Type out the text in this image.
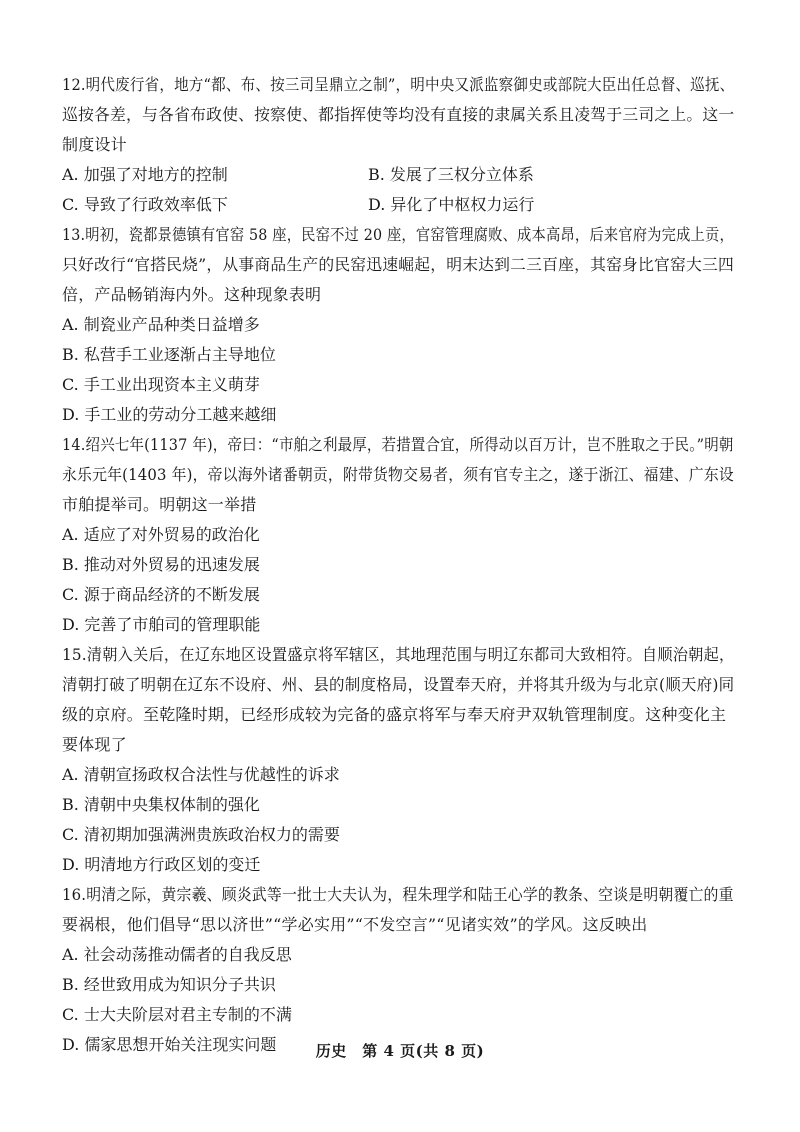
12.明代废行省，地方“都、布、按三司呈鼎立之制”，明中央又派监察御史或部院大臣出任总督、巡抚、
巡按各差，与各省布政使、按察使、都指挥使等均没有直接的隶属关系且凌驾于三司之上。这一
制度设计
A. 加强了对地方的控制	B. 发展了三权分立体系
C. 导致了行政效率低下	D. 异化了中枢权力运行
13.明初，瓷都景德镇有官窑 58 座，民窑不过 20 座，官窑管理腐败、成本高昂，后来官府为完成上贡，
只好改行“官搭民烧”，从事商品生产的民窑迅速崛起，明末达到二三百座，其窑身比官窑大三四
倍，产品畅销海内外。这种现象表明
A. 制瓷业产品种类日益增多
B. 私营手工业逐渐占主导地位
C. 手工业出现资本主义萌芽
D. 手工业的劳动分工越来越细
14.绍兴七年(1137 年)，帝曰：“市舶之利最厚，若措置合宜，所得动以百万计，岂不胜取之于民。”明朝
永乐元年(1403 年)，帝以海外诸番朝贡，附带货物交易者，须有官专主之，遂于浙江、福建、广东设
市舶提举司。明朝这一举措
A. 适应了对外贸易的政治化
B. 推动对外贸易的迅速发展
C. 源于商品经济的不断发展
D. 完善了市舶司的管理职能
15.清朝入关后，在辽东地区设置盛京将军辖区，其地理范围与明辽东都司大致相符。自顺治朝起，
清朝打破了明朝在辽东不设府、州、县的制度格局，设置奉天府，并将其升级为与北京(顺天府)同
级的京府。至乾隆时期，已经形成较为完备的盛京将军与奉天府尹双轨管理制度。这种变化主
要体现了
A. 清朝宣扬政权合法性与优越性的诉求
B. 清朝中央集权体制的强化
C. 清初期加强满洲贵族政治权力的需要
D. 明清地方行政区划的变迁
16.明清之际，黄宗羲、顾炎武等一批士大夫认为，程朱理学和陆王心学的教条、空谈是明朝覆亡的重
要祸根，他们倡导“思以济世”“学必实用”“不发空言”“见诸实效”的学风。这反映出
A. 社会动荡推动儒者的自我反思
B. 经世致用成为知识分子共识
C. 士大夫阶层对君主专制的不满
D. 儒家思想开始关注现实问题	历史　第 4 页(共 8 页)
